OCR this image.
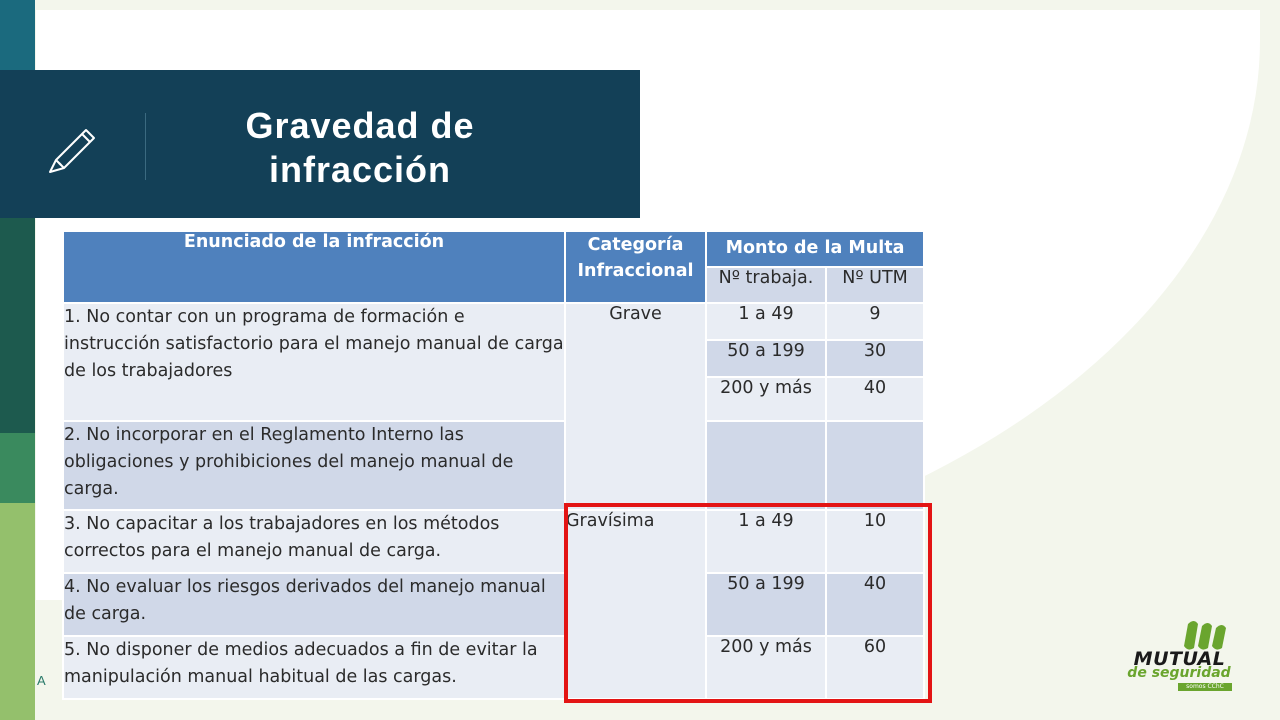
Gravedad de infracción
Enunciado de la infracción	Categoría Infraccional	Monto de la Multa	
		Nº trabaja.	Nº UTM
1. No contar con un programa de formación e instrucción satisfactorio para el manejo manual de carga de los trabajadores	Grave	1 a 49	9
		50 a 199	30
		200 y más	40
2. No incorporar en el Reglamento Interno las obligaciones y prohibiciones del manejo manual de carga.			
3. No capacitar a los trabajadores en los métodos correctos para el manejo manual de carga.	Gravísima	1 a 49	10
4. No evaluar los riesgos derivados del manejo manual de carga.		50 a 199	40
5. No disponer de medios adecuados a fin de evitar la manipulación manual habitual de las cargas.		200 y más	60
A
MUTUAL
de seguridad
somos CChC
